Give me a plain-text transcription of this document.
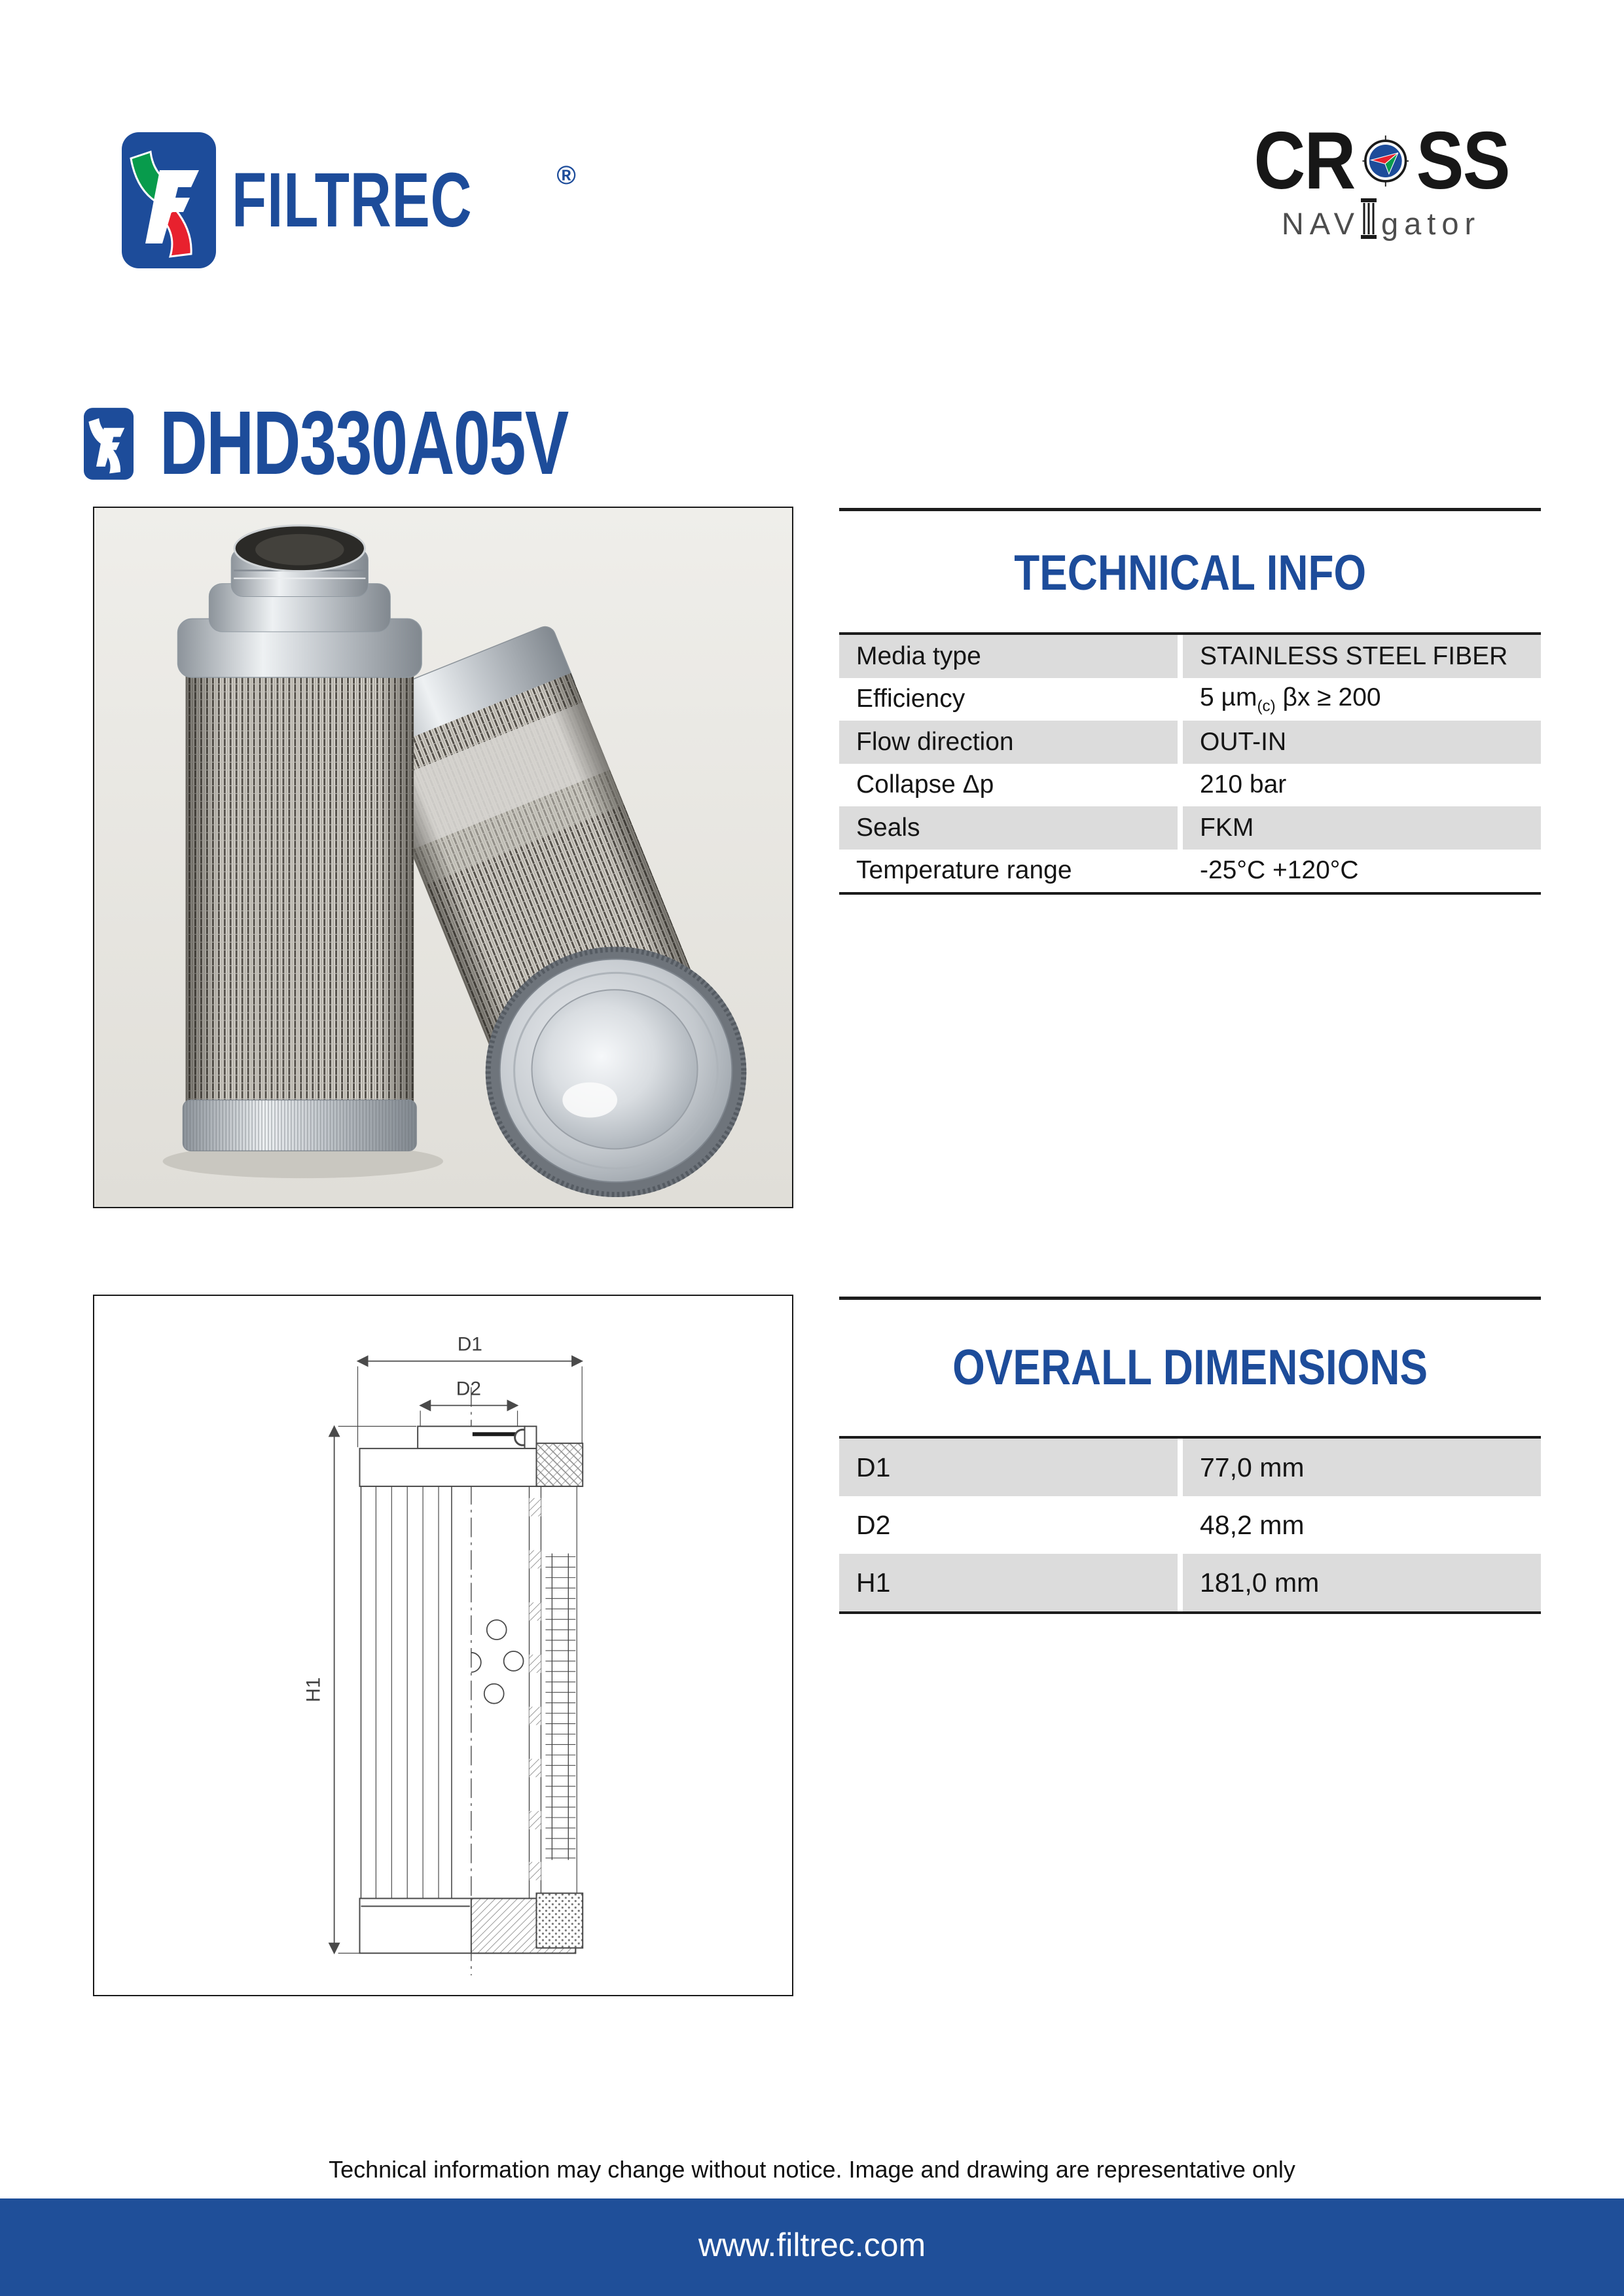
FILTREC	®	CR SS
NAV gator
DHD330A05V
TECHNICAL INFO
Media type	STAINLESS STEEL FIBER
Efficiency	5 µm$_{(c)}$ βx ≥ 200
Flow direction	OUT-IN
Collapse Δp	210 bar
Seals	FKM
Temperature range	-25°C +120°C
D1
D2
H1
OVERALL DIMENSIONS
D1	77,0 mm
D2	48,2 mm
H1	181,0 mm
Technical information may change without notice. Image and drawing are representative only
www.filtrec.com
